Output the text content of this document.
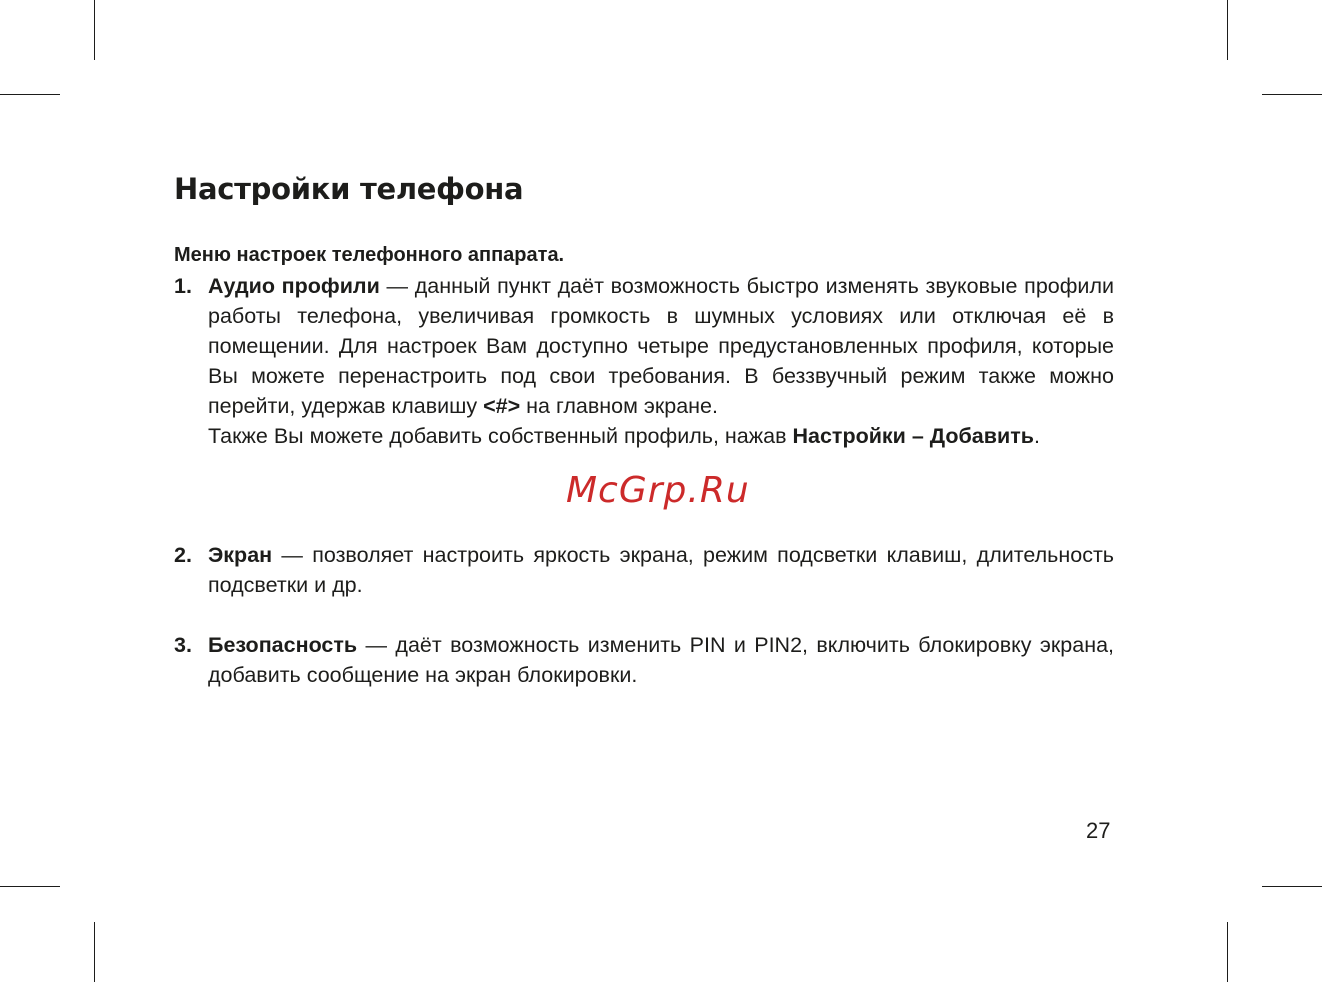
Настройки телефона

Меню настроек телефонного аппарата.

1. Аудио профили — данный пункт даёт возможность быстро изменять звуковые профили работы телефона, увеличивая громкость в шумных условиях или отключая её в помещении. Для настроек Вам доступно четыре предустановленных профиля, которые Вы можете перенастроить под свои требования. В беззвучный режим также можно перейти, удержав клавишу <#> на главном экране.

Также Вы можете добавить собственный профиль, нажав Настройки – Добавить.

2. Экран — позволяет настроить яркость экрана, режим подсветки клавиш, длительность подсветки и др.

3. Безопасность — даёт возможность изменить PIN и PIN2, включить блокировку экрана, добавить сообщение на экран блокировки.

McGrp.Ru
27
